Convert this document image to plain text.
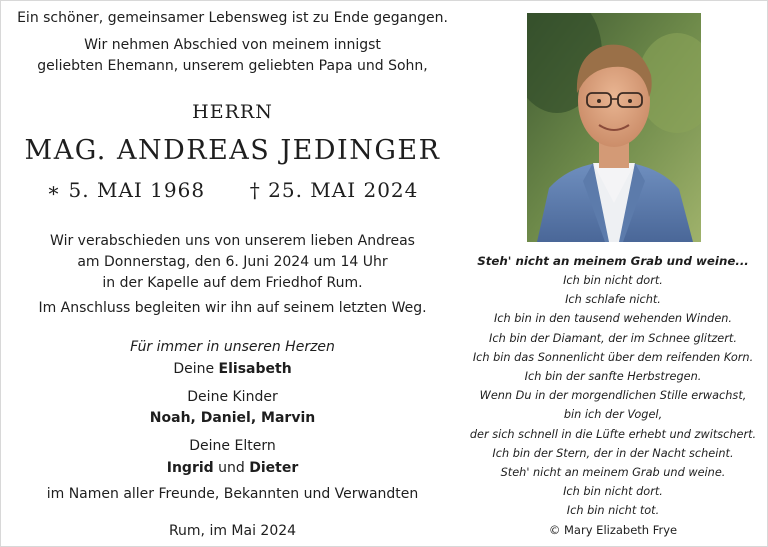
Ein schöner, gemeinsamer Lebensweg ist zu Ende gegangen.
Wir nehmen Abschied von meinem innigst
geliebten Ehemann, unserem geliebten Papa und Sohn,
HERRN
MAG. ANDREAS JEDINGER
∗ 5. MAI 1968 † 25. MAI 2024
Wir verabschieden uns von unserem lieben Andreas
am Donnerstag, den 6. Juni 2024 um 14 Uhr
in der Kapelle auf dem Friedhof Rum.
Im Anschluss begleiten wir ihn auf seinem letzten Weg.
Für immer in unseren Herzen
Deine Elisabeth
Deine Kinder
Noah, Daniel, Marvin
Deine Eltern
Ingrid und Dieter
im Namen aller Freunde, Bekannten und Verwandten
Rum, im Mai 2024
Steh' nicht an meinem Grab und weine...
Ich bin nicht dort.
Ich schlafe nicht.
Ich bin in den tausend wehenden Winden.
Ich bin der Diamant, der im Schnee glitzert.
Ich bin das Sonnenlicht über dem reifenden Korn.
Ich bin der sanfte Herbstregen.
Wenn Du in der morgendlichen Stille erwachst,
bin ich der Vogel,
der sich schnell in die Lüfte erhebt und zwitschert.
Ich bin der Stern, der in der Nacht scheint.
Steh' nicht an meinem Grab und weine.
Ich bin nicht dort.
Ich bin nicht tot.
© Mary Elizabeth Frye
